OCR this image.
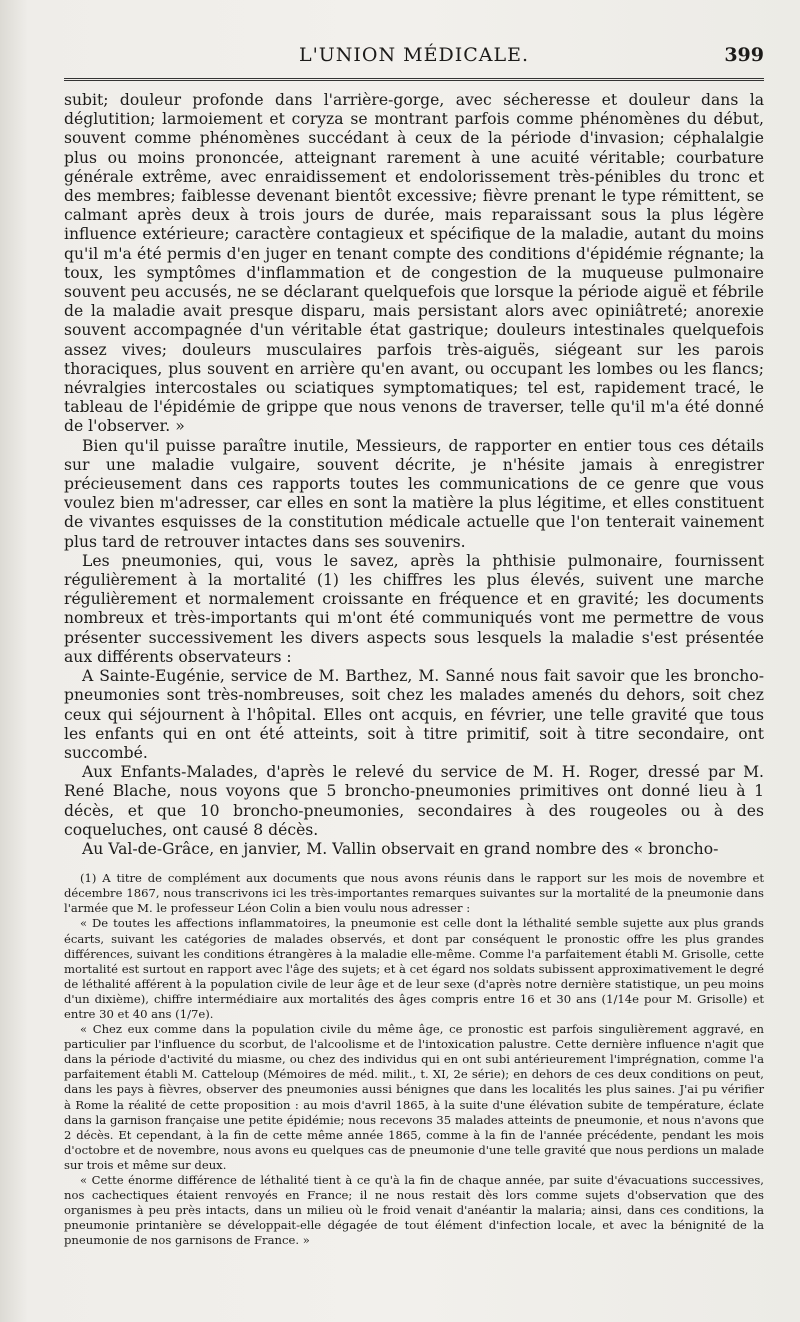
L'UNION MÉDICALE.	399

subit; douleur profonde dans l'arrière-gorge, avec sécheresse et douleur dans la déglutition; larmoiement et coryza se montrant parfois comme phénomènes du début, souvent comme phénomènes succédant à ceux de la période d'invasion; céphalalgie plus ou moins prononcée, atteignant rarement à une acuité véritable; courbature générale extrême, avec enraidissement et endolorissement très-pénibles du tronc et des membres; faiblesse devenant bientôt excessive; fièvre prenant le type rémittent, se calmant après deux à trois jours de durée, mais reparaissant sous la plus légère influence extérieure; caractère contagieux et spécifique de la maladie, autant du moins qu'il m'a été permis d'en juger en tenant compte des conditions d'épidémie régnante; la toux, les symptômes d'inflammation et de congestion de la muqueuse pulmonaire souvent peu accusés, ne se déclarant quelquefois que lorsque la période aiguë et fébrile de la maladie avait presque disparu, mais persistant alors avec opiniâtreté; anorexie souvent accompagnée d'un véritable état gastrique; douleurs intestinales quelquefois assez vives; douleurs musculaires parfois très-aiguës, siégeant sur les parois thoraciques, plus souvent en arrière qu'en avant, ou occupant les lombes ou les flancs; névralgies intercostales ou sciatiques symptomatiques; tel est, rapidement tracé, le tableau de l'épidémie de grippe que nous venons de traverser, telle qu'il m'a été donné de l'observer. »

Bien qu'il puisse paraître inutile, Messieurs, de rapporter en entier tous ces détails sur une maladie vulgaire, souvent décrite, je n'hésite jamais à enregistrer précieusement dans ces rapports toutes les communications de ce genre que vous voulez bien m'adresser, car elles en sont la matière la plus légitime, et elles constituent de vivantes esquisses de la constitution médicale actuelle que l'on tenterait vainement plus tard de retrouver intactes dans ses souvenirs.

Les pneumonies, qui, vous le savez, après la phthisie pulmonaire, fournissent régulièrement à la mortalité (1) les chiffres les plus élevés, suivent une marche régulièrement et normalement croissante en fréquence et en gravité; les documents nombreux et très-importants qui m'ont été communiqués vont me permettre de vous présenter successivement les divers aspects sous lesquels la maladie s'est présentée aux différents observateurs :

A Sainte-Eugénie, service de M. Barthez, M. Sanné nous fait savoir que les broncho-pneumonies sont très-nombreuses, soit chez les malades amenés du dehors, soit chez ceux qui séjournent à l'hôpital. Elles ont acquis, en février, une telle gravité que tous les enfants qui en ont été atteints, soit à titre primitif, soit à titre secondaire, ont succombé.

Aux Enfants-Malades, d'après le relevé du service de M. H. Roger, dressé par M. René Blache, nous voyons que 5 broncho-pneumonies primitives ont donné lieu à 1 décès, et que 10 broncho-pneumonies, secondaires à des rougeoles ou à des coqueluches, ont causé 8 décès.

Au Val-de-Grâce, en janvier, M. Vallin observait en grand nombre des « broncho-

(1) A titre de complément aux documents que nous avons réunis dans le rapport sur les mois de novembre et décembre 1867, nous transcrivons ici les très-importantes remarques suivantes sur la mortalité de la pneumonie dans l'armée que M. le professeur Léon Colin a bien voulu nous adresser :

« De toutes les affections inflammatoires, la pneumonie est celle dont la léthalité semble sujette aux plus grands écarts, suivant les catégories de malades observés, et dont par conséquent le pronostic offre les plus grandes différences, suivant les conditions étrangères à la maladie elle-même. Comme l'a parfaitement établi M. Grisolle, cette mortalité est surtout en rapport avec l'âge des sujets; et à cet égard nos soldats subissent approximativement le degré de léthalité afférent à la population civile de leur âge et de leur sexe (d'après notre dernière statistique, un peu moins d'un dixième), chiffre intermédiaire aux mortalités des âges compris entre 16 et 30 ans (1/14e pour M. Grisolle) et entre 30 et 40 ans (1/7e).

« Chez eux comme dans la population civile du même âge, ce pronostic est parfois singulièrement aggravé, en particulier par l'influence du scorbut, de l'alcoolisme et de l'intoxication palustre. Cette dernière influence n'agit que dans la période d'activité du miasme, ou chez des individus qui en ont subi antérieurement l'imprégnation, comme l'a parfaitement établi M. Catteloup (Mémoires de méd. milit., t. XI, 2e série); en dehors de ces deux conditions on peut, dans les pays à fièvres, observer des pneumonies aussi bénignes que dans les localités les plus saines. J'ai pu vérifier à Rome la réalité de cette proposition : au mois d'avril 1865, à la suite d'une élévation subite de température, éclate dans la garnison française une petite épidémie; nous recevons 35 malades atteints de pneumonie, et nous n'avons que 2 décès. Et cependant, à la fin de cette même année 1865, comme à la fin de l'année précédente, pendant les mois d'octobre et de novembre, nous avons eu quelques cas de pneumonie d'une telle gravité que nous perdions un malade sur trois et même sur deux.

« Cette énorme différence de léthalité tient à ce qu'à la fin de chaque année, par suite d'évacuations successives, nos cachectiques étaient renvoyés en France; il ne nous restait dès lors comme sujets d'observation que des organismes à peu près intacts, dans un milieu où le froid venait d'anéantir la malaria; ainsi, dans ces conditions, la pneumonie printanière se développait-elle dégagée de tout élément d'infection locale, et avec la bénignité de la pneumonie de nos garnisons de France. »
